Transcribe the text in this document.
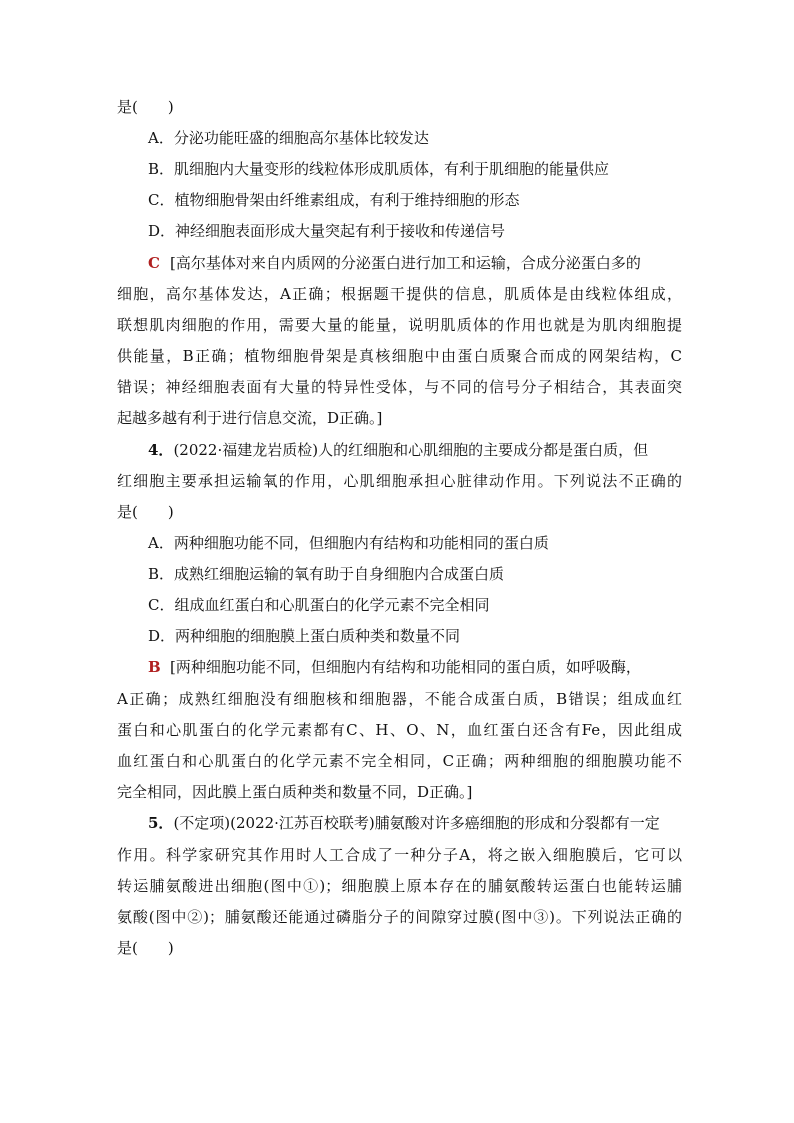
是(　　)
A．分泌功能旺盛的细胞高尔基体比较发达
B．肌细胞内大量变形的线粒体形成肌质体，有利于肌细胞的能量供应
C．植物细胞骨架由纤维素组成，有利于维持细胞的形态
D．神经细胞表面形成大量突起有利于接收和传递信号
C [高尔基体对来自内质网的分泌蛋白进行加工和运输，合成分泌蛋白多的
细胞，高尔基体发达，A正确；根据题干提供的信息，肌质体是由线粒体组成，
联想肌肉细胞的作用，需要大量的能量，说明肌质体的作用也就是为肌肉细胞提
供能量，B正确；植物细胞骨架是真核细胞中由蛋白质聚合而成的网架结构，C
错误；神经细胞表面有大量的特异性受体，与不同的信号分子相结合，其表面突
起越多越有利于进行信息交流，D正确。]
4．(2022·福建龙岩质检)人的红细胞和心肌细胞的主要成分都是蛋白质，但
红细胞主要承担运输氧的作用，心肌细胞承担心脏律动作用。下列说法不正确的
是(　　)
A．两种细胞功能不同，但细胞内有结构和功能相同的蛋白质
B．成熟红细胞运输的氧有助于自身细胞内合成蛋白质
C．组成血红蛋白和心肌蛋白的化学元素不完全相同
D．两种细胞的细胞膜上蛋白质种类和数量不同
B [两种细胞功能不同，但细胞内有结构和功能相同的蛋白质，如呼吸酶，
A正确；成熟红细胞没有细胞核和细胞器，不能合成蛋白质，B错误；组成血红
蛋白和心肌蛋白的化学元素都有C、H、O、N，血红蛋白还含有Fe，因此组成
血红蛋白和心肌蛋白的化学元素不完全相同，C正确；两种细胞的细胞膜功能不
完全相同，因此膜上蛋白质种类和数量不同，D正确。]
5．(不定项)(2022·江苏百校联考)脯氨酸对许多癌细胞的形成和分裂都有一定
作用。科学家研究其作用时人工合成了一种分子A，将之嵌入细胞膜后，它可以
转运脯氨酸进出细胞(图中①)；细胞膜上原本存在的脯氨酸转运蛋白也能转运脯
氨酸(图中②)；脯氨酸还能通过磷脂分子的间隙穿过膜(图中③)。下列说法正确的
是(　　)
